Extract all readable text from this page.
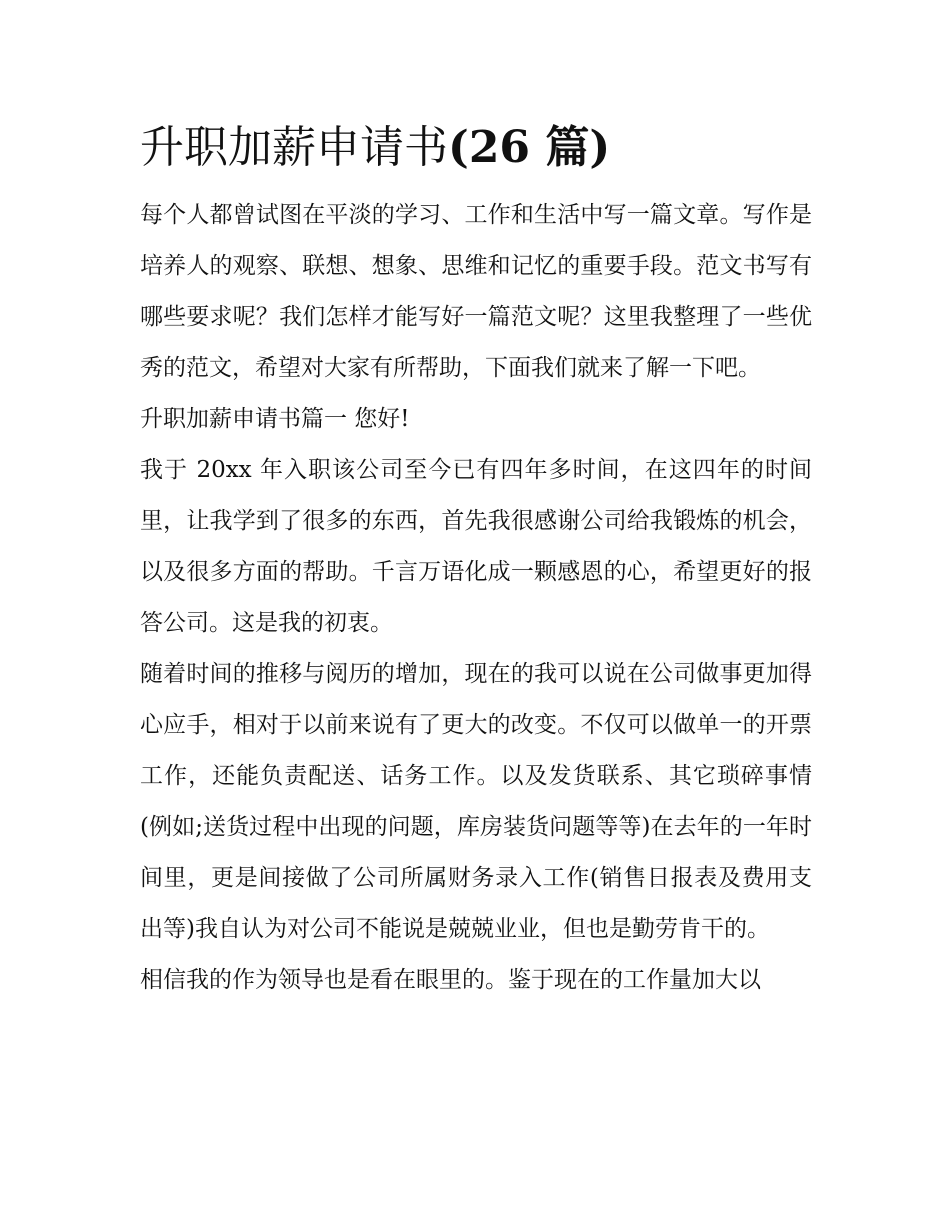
升职加薪申请书(26 篇)

每个人都曾试图在平淡的学习、工作和生活中写一篇文章。写作是培养人的观察、联想、想象、思维和记忆的重要手段。范文书写有哪些要求呢？我们怎样才能写好一篇范文呢？这里我整理了一些优秀的范文，希望对大家有所帮助，下面我们就来了解一下吧。

升职加薪申请书篇一 您好!

我于 20xx 年入职该公司至今已有四年多时间，在这四年的时间里，让我学到了很多的东西，首先我很感谢公司给我锻炼的机会，以及很多方面的帮助。千言万语化成一颗感恩的心，希望更好的报答公司。这是我的初衷。

随着时间的推移与阅历的增加，现在的我可以说在公司做事更加得心应手，相对于以前来说有了更大的改变。不仅可以做单一的开票工作，还能负责配送、话务工作。以及发货联系、其它琐碎事情(例如;送货过程中出现的问题，库房装货问题等等)在去年的一年时间里，更是间接做了公司所属财务录入工作(销售日报表及费用支出等)我自认为对公司不能说是兢兢业业，但也是勤劳肯干的。

相信我的作为领导也是看在眼里的。鉴于现在的工作量加大以
